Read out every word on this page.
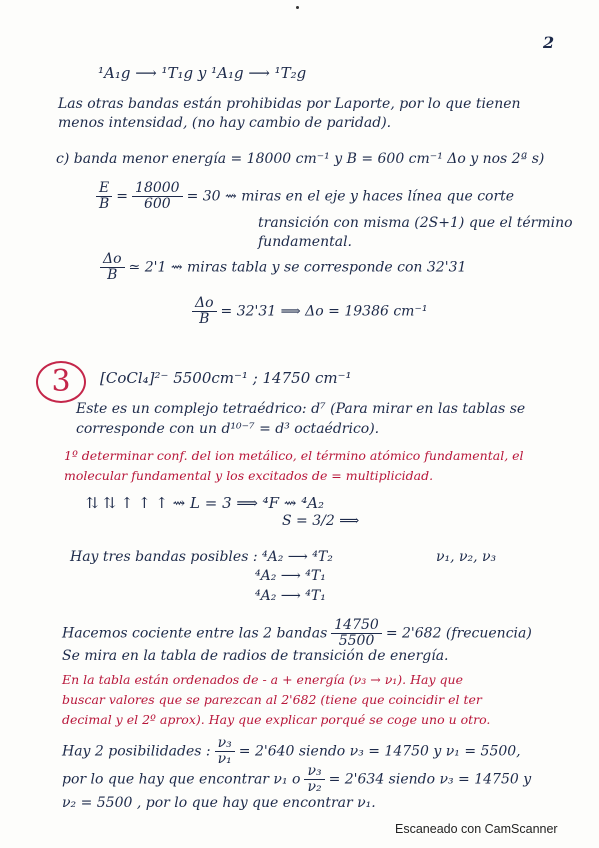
2
¹A₁g ⟶ ¹T₁g y ¹A₁g ⟶ ¹T₂g
Las otras bandas están prohibidas por Laporte, por lo que tienen
menos intensidad, (no hay cambio de paridad).
c) banda menor energía = 18000 cm⁻¹ y B = 600 cm⁻¹ Δo y nos 2ª s)
$\frac{E}{B} = \frac{18000}{600} = 30$ ⇝ miras en el eje y haces línea que corte
transición con misma (2S+1) que el término
fundamental.
$\frac{\Delta o}{B}$ ≃ 2'1 ⇝ miras tabla y se corresponde con 32'31
$\frac{\Delta o}{B} = 32'31$ ⟹ Δo = 19386 cm⁻¹
3	[CoCl₄]²⁻ 5500cm⁻¹ ; 14750 cm⁻¹
Este es un complejo tetraédrico: d⁷ (Para mirar en las tablas se
corresponde con un d¹⁰⁻⁷ = d³ octaédrico).
1º determinar conf. del ion metálico, el término atómico fundamental, el
molecular fundamental y los excitados de = multiplicidad.
⇅ ⇅ ↑ ↑ ↑ ⇝ L = 3 ⟹ ⁴F ⇝ ⁴A₂
S = 3/2 ⟹
Hay tres bandas posibles : ⁴A₂ ⟶ ⁴T₂	ν₁, ν₂, ν₃
⁴A₂ ⟶ ⁴T₁
⁴A₂ ⟶ ⁴T₁
Hacemos cociente entre las 2 bandas $\frac{14750}{5500} = 2'682$ (frecuencia)
Se mira en la tabla de radios de transición de energía.
En la tabla están ordenados de - a + energía (ν₃ → ν₁). Hay que
buscar valores que se parezcan al 2'682 (tiene que coincidir el ter
decimal y el 2º aprox). Hay que explicar porqué se coge uno u otro.
Hay 2 posibilidades : $\frac{\text{ν₃}}{\text{ν₁}} = 2'640$ siendo ν₃ = 14750 y ν₁ = 5500,
por lo que hay que encontrar ν₁ o $\frac{\text{ν₃}}{\text{ν₂}} = 2'634$ siendo ν₃ = 14750 y
ν₂ = 5500 , por lo que hay que encontrar ν₁.
Escaneado con CamScanner
